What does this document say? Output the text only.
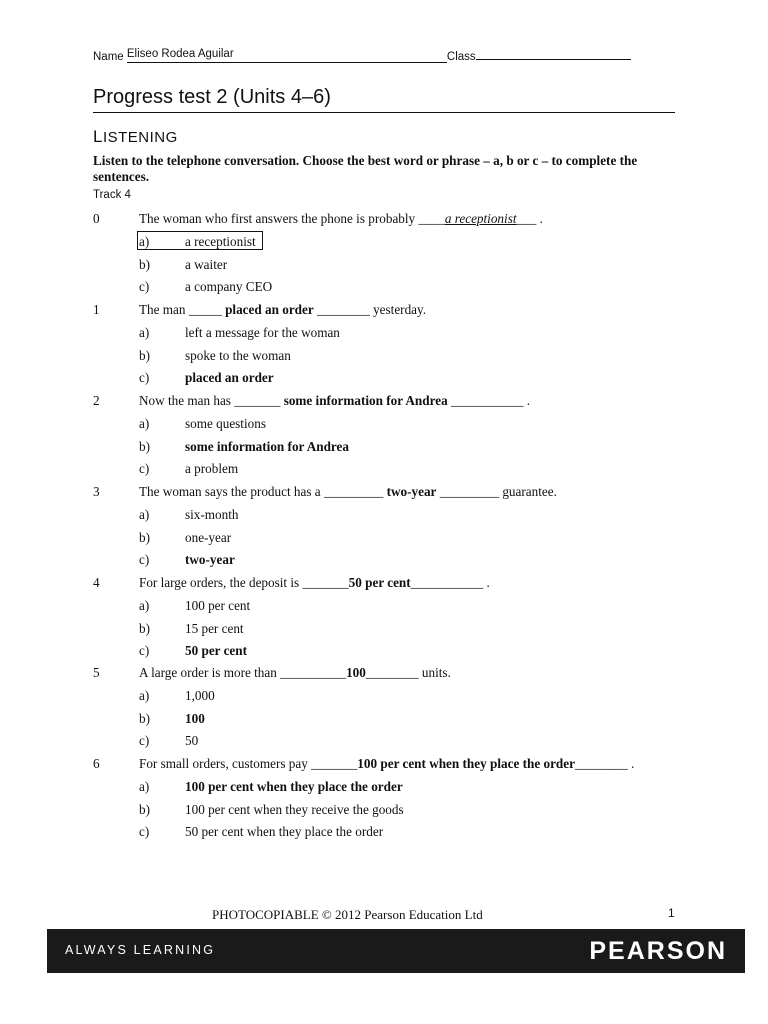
Name Eliseo Rodea Aguilar	Class
Progress test 2 (Units 4–6)
LISTENING
Listen to the telephone conversation. Choose the best word or phrase – a, b or c – to complete the sentences.
Track 4
0	The woman who first answers the phone is probably ____a receptionist___ .
a)	a receptionist
b)	a waiter
c)	a company CEO
1	The man _____ placed an order ________ yesterday.
a)	left a message for the woman
b)	spoke to the woman
c)	placed an order
2	Now the man has _______ some information for Andrea ___________ .
a)	some questions
b)	some information for Andrea
c)	a problem
3	The woman says the product has a _________ two-year _________ guarantee.
a)	six-month
b)	one-year
c)	two-year
4	For large orders, the deposit is _______50 per cent___________ .
a)	100 per cent
b)	15 per cent
c)	50 per cent
5	A large order is more than __________100________ units.
a)	1,000
b)	100
c)	50
6	For small orders, customers pay _______100 per cent when they place the order________ .
a)	100 per cent when they place the order
b)	100 per cent when they receive the goods
c)	50 per cent when they place the order
PHOTOCOPIABLE © 2012 Pearson Education Ltd	1
ALWAYS LEARNING	PEARSON
